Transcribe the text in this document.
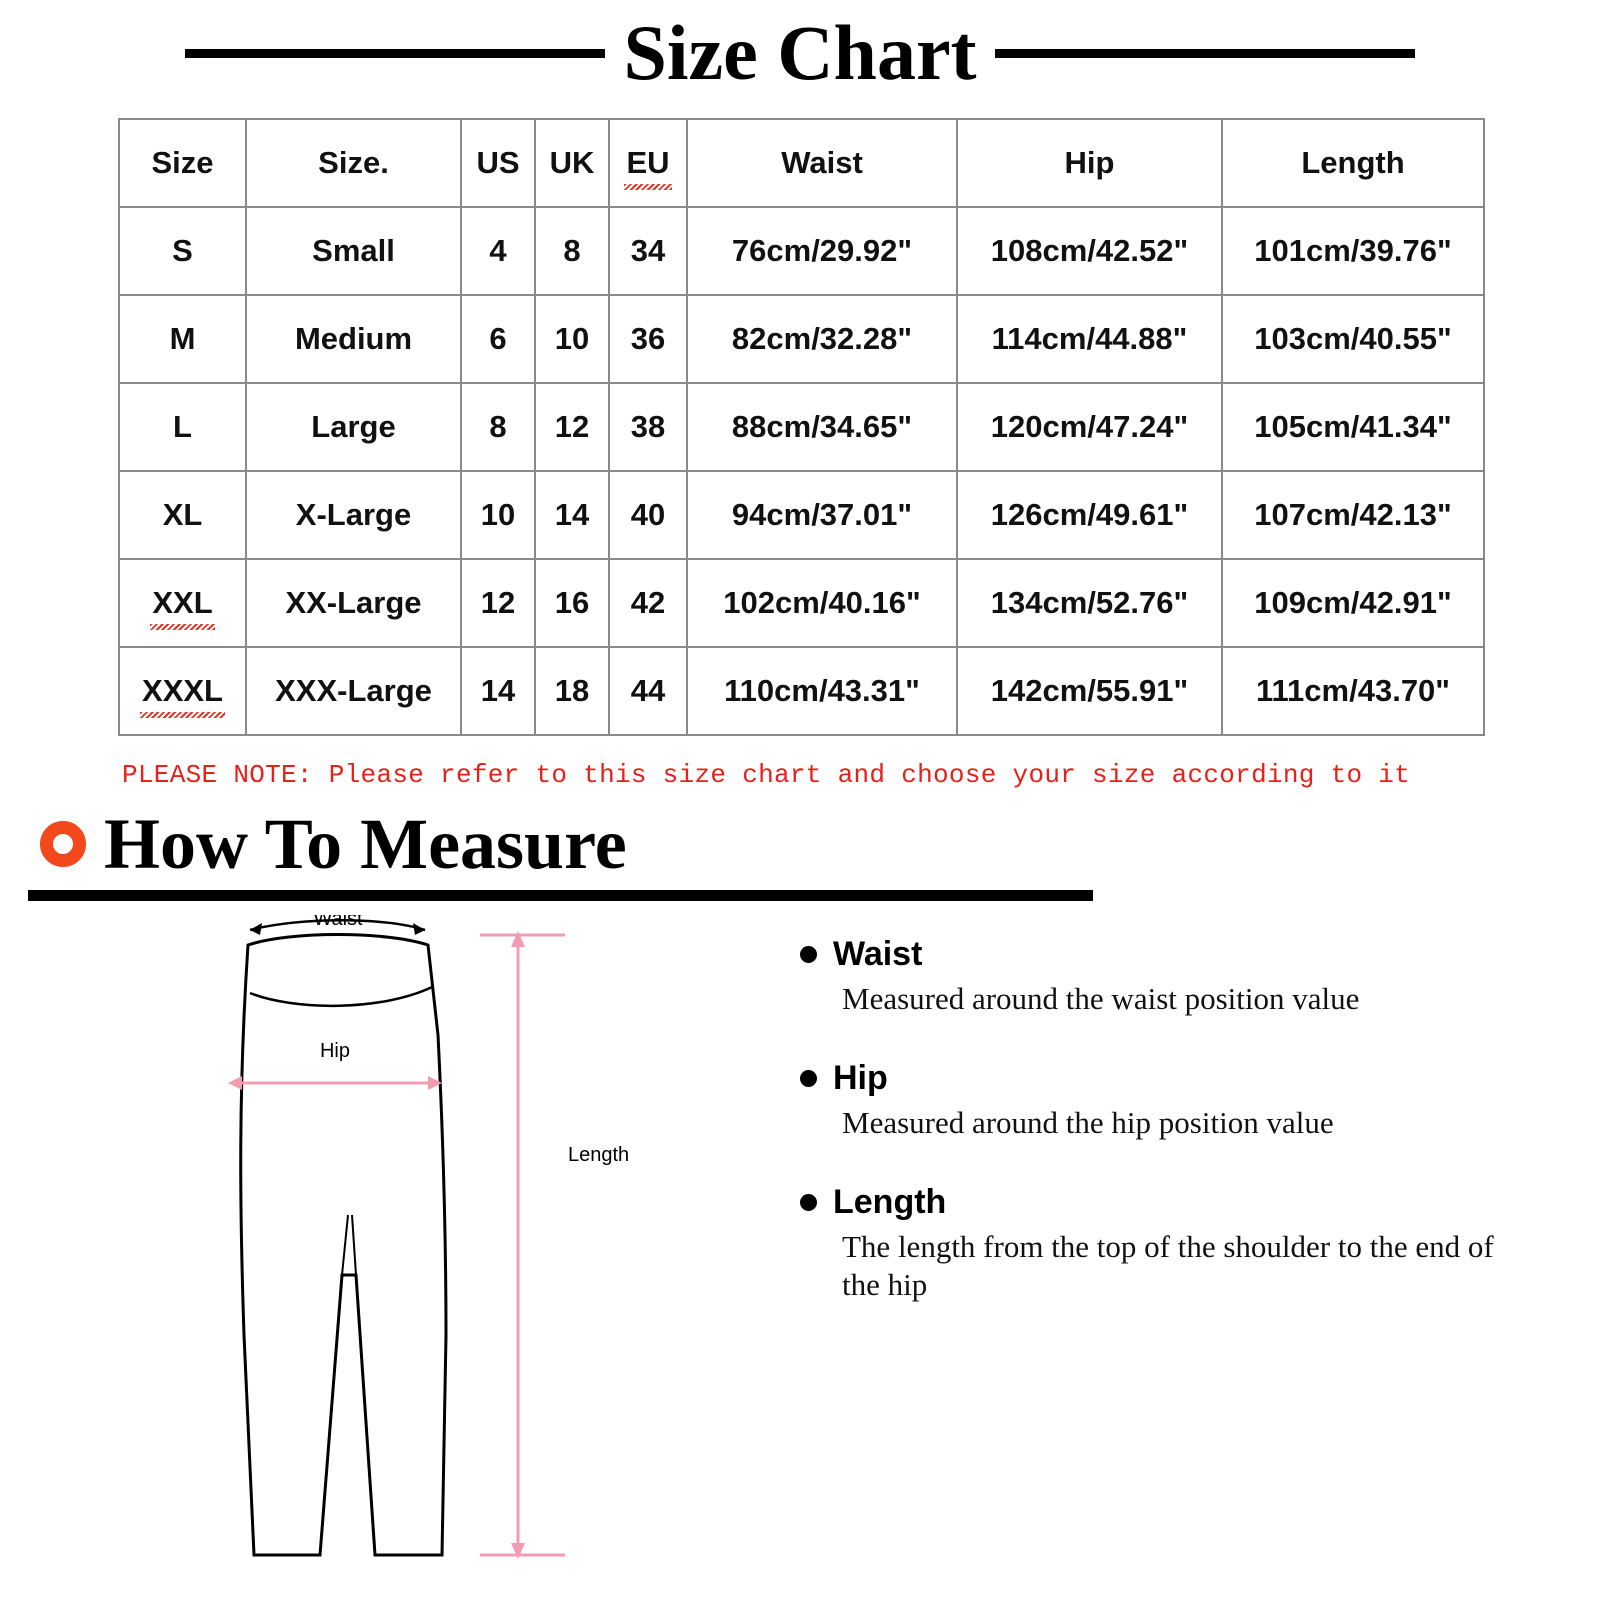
Size Chart
Size	Size.	US	UK	EU	Waist	Hip	Length
S	Small	4	8	34	76cm/29.92"	108cm/42.52"	101cm/39.76"
M	Medium	6	10	36	82cm/32.28"	114cm/44.88"	103cm/40.55"
L	Large	8	12	38	88cm/34.65"	120cm/47.24"	105cm/41.34"
XL	X-Large	10	14	40	94cm/37.01"	126cm/49.61"	107cm/42.13"
XXL	XX-Large	12	16	42	102cm/40.16"	134cm/52.76"	109cm/42.91"
XXXL	XXX-Large	14	18	44	110cm/43.31"	142cm/55.91"	111cm/43.70"
PLEASE NOTE: Please refer to this size chart and choose your size according to it
How To Measure
Waist
Hip
Length
Waist
Measured around the waist position value
Hip
Measured around the hip position value
Length
The length from the top of the shoulder to the end of the hip
